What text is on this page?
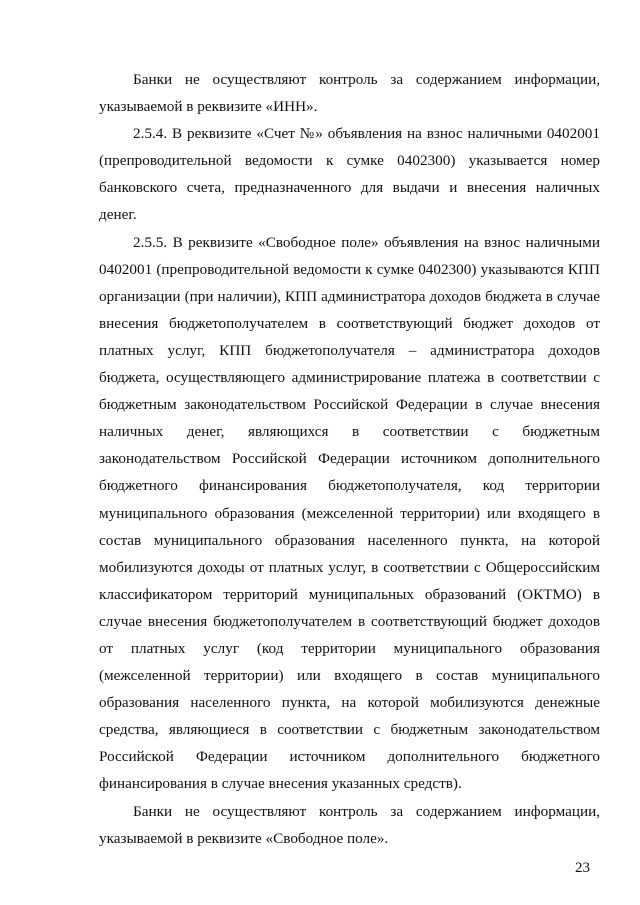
Банки не осуществляют контроль за содержанием информации, указываемой в реквизите «ИНН».

2.5.4. В реквизите «Счет №» объявления на взнос наличными 0402001 (препроводительной ведомости к сумке 0402300) указывается номер банковского счета, предназначенного для выдачи и внесения наличных денег.

2.5.5. В реквизите «Свободное поле» объявления на взнос наличными 0402001 (препроводительной ведомости к сумке 0402300) указываются КПП организации (при наличии), КПП администратора доходов бюджета в случае внесения бюджетополучателем в соответствующий бюджет доходов от платных услуг, КПП бюджетополучателя – администратора доходов бюджета, осуществляющего администрирование платежа в соответствии с бюджетным законодательством Российской Федерации в случае внесения наличных денег, являющихся в соответствии с бюджетным законодательством Российской Федерации источником дополнительного бюджетного финансирования бюджетополучателя, код территории муниципального образования (межселенной территории) или входящего в состав муниципального образования населенного пункта, на которой мобилизуются доходы от платных услуг, в соответствии с Общероссийским классификатором территорий муниципальных образований (ОКТМО) в случае внесения бюджетополучателем в соответствующий бюджет доходов от платных услуг (код территории муниципального образования (межселенной территории) или входящего в состав муниципального образования населенного пункта, на которой мобилизуются денежные средства, являющиеся в соответствии с бюджетным законодательством Российской Федерации источником дополнительного бюджетного финансирования в случае внесения указанных средств).

Банки не осуществляют контроль за содержанием информации, указываемой в реквизите «Свободное поле».

23
